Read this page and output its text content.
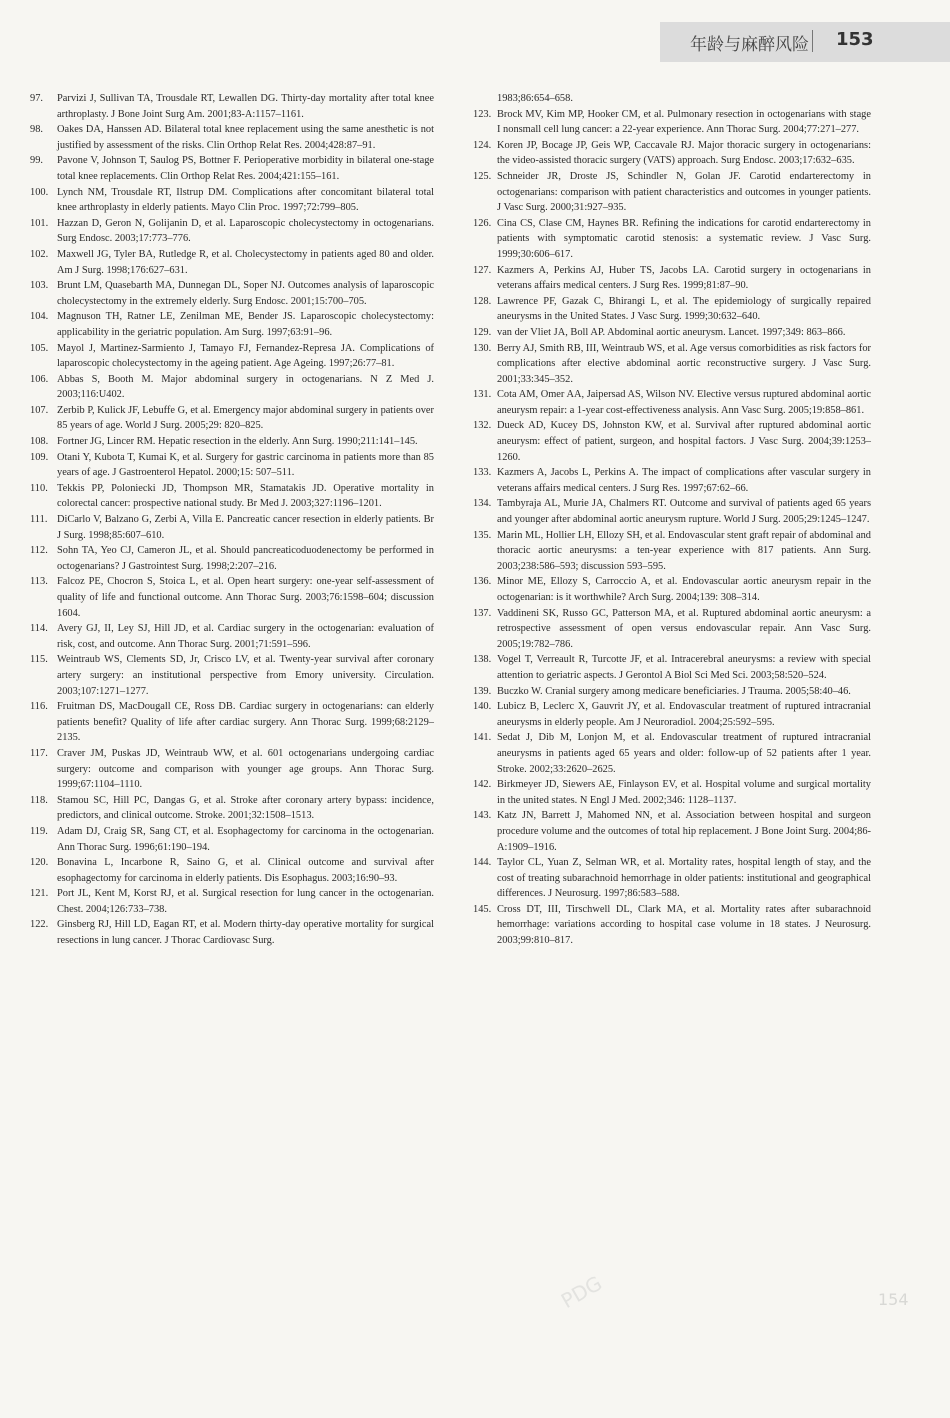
年龄与麻醉风险 153

97. Parvizi J, Sullivan TA, Trousdale RT, Lewallen DG. Thirty-day mortality after total knee arthroplasty. J Bone Joint Surg Am. 2001;83-A:1157–1161.

98. Oakes DA, Hanssen AD. Bilateral total knee replacement using the same anesthetic is not justified by assessment of the risks. Clin Orthop Relat Res. 2004;428:87–91.

99. Pavone V, Johnson T, Saulog PS, Bottner F. Perioperative morbidity in bilateral one-stage total knee replacements. Clin Orthop Relat Res. 2004;421:155–161.

100. Lynch NM, Trousdale RT, Ilstrup DM. Complications after concomitant bilateral total knee arthroplasty in elderly patients. Mayo Clin Proc. 1997;72:799–805.

101. Hazzan D, Geron N, Golijanin D, et al. Laparoscopic cholecystectomy in octogenarians. Surg Endosc. 2003;17:773–776.

102. Maxwell JG, Tyler BA, Rutledge R, et al. Cholecystectomy in patients aged 80 and older. Am J Surg. 1998;176:627–631.

103. Brunt LM, Quasebarth MA, Dunnegan DL, Soper NJ. Outcomes analysis of laparoscopic cholecystectomy in the extremely elderly. Surg Endosc. 2001;15:700–705.

104. Magnuson TH, Ratner LE, Zenilman ME, Bender JS. Laparoscopic cholecystectomy: applicability in the geriatric population. Am Surg. 1997;63:91–96.

105. Mayol J, Martinez-Sarmiento J, Tamayo FJ, Fernandez-Represa JA. Complications of laparoscopic cholecystectomy in the ageing patient. Age Ageing. 1997;26:77–81.

106. Abbas S, Booth M. Major abdominal surgery in octogenarians. N Z Med J. 2003;116:U402.

107. Zerbib P, Kulick JF, Lebuffe G, et al. Emergency major abdominal surgery in patients over 85 years of age. World J Surg. 2005;29: 820–825.

108. Fortner JG, Lincer RM. Hepatic resection in the elderly. Ann Surg. 1990;211:141–145.

109. Otani Y, Kubota T, Kumai K, et al. Surgery for gastric carcinoma in patients more than 85 years of age. J Gastroenterol Hepatol. 2000;15: 507–511.

110. Tekkis PP, Poloniecki JD, Thompson MR, Stamatakis JD. Operative mortality in colorectal cancer: prospective national study. Br Med J. 2003;327:1196–1201.

111. DiCarlo V, Balzano G, Zerbi A, Villa E. Pancreatic cancer resection in elderly patients. Br J Surg. 1998;85:607–610.

112. Sohn TA, Yeo CJ, Cameron JL, et al. Should pancreaticoduodenectomy be performed in octogenarians? J Gastrointest Surg. 1998;2:207–216.

113. Falcoz PE, Chocron S, Stoica L, et al. Open heart surgery: one-year self-assessment of quality of life and functional outcome. Ann Thorac Surg. 2003;76:1598–604; discussion 1604.

114. Avery GJ, II, Ley SJ, Hill JD, et al. Cardiac surgery in the octogenarian: evaluation of risk, cost, and outcome. Ann Thorac Surg. 2001;71:591–596.

115. Weintraub WS, Clements SD, Jr, Crisco LV, et al. Twenty-year survival after coronary artery surgery: an institutional perspective from Emory university. Circulation. 2003;107:1271–1277.

116. Fruitman DS, MacDougall CE, Ross DB. Cardiac surgery in octogenarians: can elderly patients benefit? Quality of life after cardiac surgery. Ann Thorac Surg. 1999;68:2129–2135.

117. Craver JM, Puskas JD, Weintraub WW, et al. 601 octogenarians undergoing cardiac surgery: outcome and comparison with younger age groups. Ann Thorac Surg. 1999;67:1104–1110.

118. Stamou SC, Hill PC, Dangas G, et al. Stroke after coronary artery bypass: incidence, predictors, and clinical outcome. Stroke. 2001;32:1508–1513.

119. Adam DJ, Craig SR, Sang CT, et al. Esophagectomy for carcinoma in the octogenarian. Ann Thorac Surg. 1996;61:190–194.

120. Bonavina L, Incarbone R, Saino G, et al. Clinical outcome and survival after esophagectomy for carcinoma in elderly patients. Dis Esophagus. 2003;16:90–93.

121. Port JL, Kent M, Korst RJ, et al. Surgical resection for lung cancer in the octogenarian. Chest. 2004;126:733–738.

122. Ginsberg RJ, Hill LD, Eagan RT, et al. Modern thirty-day operative mortality for surgical resections in lung cancer. J Thorac Cardiovasc Surg.

1983;86:654–658.

123. Brock MV, Kim MP, Hooker CM, et al. Pulmonary resection in octogenarians with stage I nonsmall cell lung cancer: a 22-year experience. Ann Thorac Surg. 2004;77:271–277.

124. Koren JP, Bocage JP, Geis WP, Caccavale RJ. Major thoracic surgery in octogenarians: the video-assisted thoracic surgery (VATS) approach. Surg Endosc. 2003;17:632–635.

125. Schneider JR, Droste JS, Schindler N, Golan JF. Carotid endarterectomy in octogenarians: comparison with patient characteristics and outcomes in younger patients. J Vasc Surg. 2000;31:927–935.

126. Cina CS, Clase CM, Haynes BR. Refining the indications for carotid endarterectomy in patients with symptomatic carotid stenosis: a systematic review. J Vasc Surg. 1999;30:606–617.

127. Kazmers A, Perkins AJ, Huber TS, Jacobs LA. Carotid surgery in octogenarians in veterans affairs medical centers. J Surg Res. 1999;81:87–90.

128. Lawrence PF, Gazak C, Bhirangi L, et al. The epidemiology of surgically repaired aneurysms in the United States. J Vasc Surg. 1999;30:632–640.

129. van der Vliet JA, Boll AP. Abdominal aortic aneurysm. Lancet. 1997;349: 863–866.

130. Berry AJ, Smith RB, III, Weintraub WS, et al. Age versus comorbidities as risk factors for complications after elective abdominal aortic reconstructive surgery. J Vasc Surg. 2001;33:345–352.

131. Cota AM, Omer AA, Jaipersad AS, Wilson NV. Elective versus ruptured abdominal aortic aneurysm repair: a 1-year cost-effectiveness analysis. Ann Vasc Surg. 2005;19:858–861.

132. Dueck AD, Kucey DS, Johnston KW, et al. Survival after ruptured abdominal aortic aneurysm: effect of patient, surgeon, and hospital factors. J Vasc Surg. 2004;39:1253–1260.

133. Kazmers A, Jacobs L, Perkins A. The impact of complications after vascular surgery in veterans affairs medical centers. J Surg Res. 1997;67:62–66.

134. Tambyraja AL, Murie JA, Chalmers RT. Outcome and survival of patients aged 65 years and younger after abdominal aortic aneurysm rupture. World J Surg. 2005;29:1245–1247.

135. Marin ML, Hollier LH, Ellozy SH, et al. Endovascular stent graft repair of abdominal and thoracic aortic aneurysms: a ten-year experience with 817 patients. Ann Surg. 2003;238:586–593; discussion 593–595.

136. Minor ME, Ellozy S, Carroccio A, et al. Endovascular aortic aneurysm repair in the octogenarian: is it worthwhile? Arch Surg. 2004;139: 308–314.

137. Vaddineni SK, Russo GC, Patterson MA, et al. Ruptured abdominal aortic aneurysm: a retrospective assessment of open versus endovascular repair. Ann Vasc Surg. 2005;19:782–786.

138. Vogel T, Verreault R, Turcotte JF, et al. Intracerebral aneurysms: a review with special attention to geriatric aspects. J Gerontol A Biol Sci Med Sci. 2003;58:520–524.

139. Buczko W. Cranial surgery among medicare beneficiaries. J Trauma. 2005;58:40–46.

140. Lubicz B, Leclerc X, Gauvrit JY, et al. Endovascular treatment of ruptured intracranial aneurysms in elderly people. Am J Neuroradiol. 2004;25:592–595.

141. Sedat J, Dib M, Lonjon M, et al. Endovascular treatment of ruptured intracranial aneurysms in patients aged 65 years and older: follow-up of 52 patients after 1 year. Stroke. 2002;33:2620–2625.

142. Birkmeyer JD, Siewers AE, Finlayson EV, et al. Hospital volume and surgical mortality in the united states. N Engl J Med. 2002;346: 1128–1137.

143. Katz JN, Barrett J, Mahomed NN, et al. Association between hospital and surgeon procedure volume and the outcomes of total hip replacement. J Bone Joint Surg. 2004;86-A:1909–1916.

144. Taylor CL, Yuan Z, Selman WR, et al. Mortality rates, hospital length of stay, and the cost of treating subarachnoid hemorrhage in older patients: institutional and geographical differences. J Neurosurg. 1997;86:583–588.

145. Cross DT, III, Tirschwell DL, Clark MA, et al. Mortality rates after subarachnoid hemorrhage: variations according to hospital case volume in 18 states. J Neurosurg. 2003;99:810–817.

PDG	154
